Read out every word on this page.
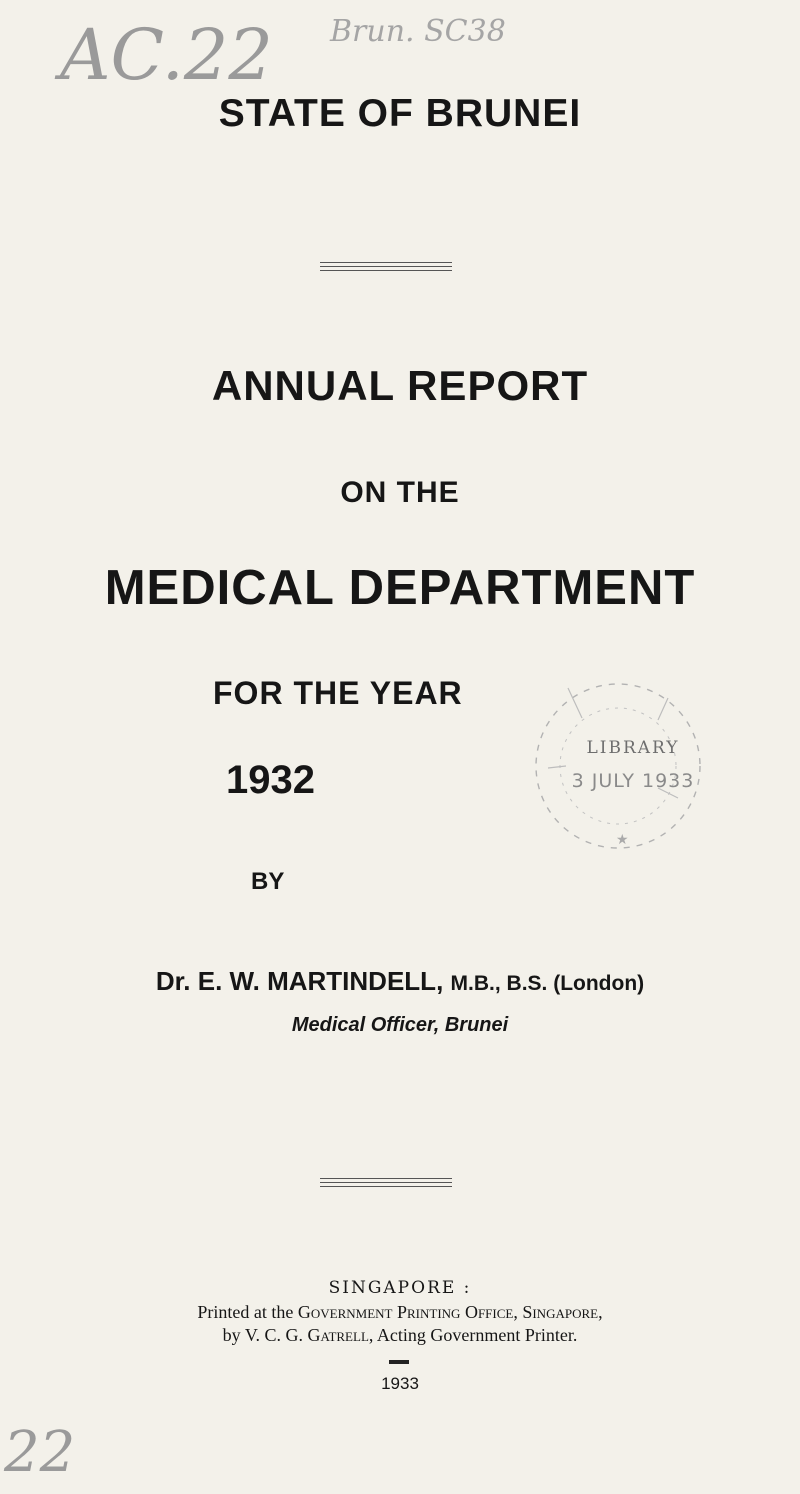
AC.22 Brun. SC38
22
STATE OF BRUNEI
ANNUAL REPORT
ON THE
MEDICAL DEPARTMENT
FOR THE YEAR
1932
BY
★
LIBRARY
3 JULY 1933
Dr. E. W. MARTINDELL, M.B., B.S. (London)
Medical Officer, Brunei
SINGAPORE :
Printed at the Government Printing Office, Singapore,
by V. C. G. Gatrell, Acting Government Printer.
1933
